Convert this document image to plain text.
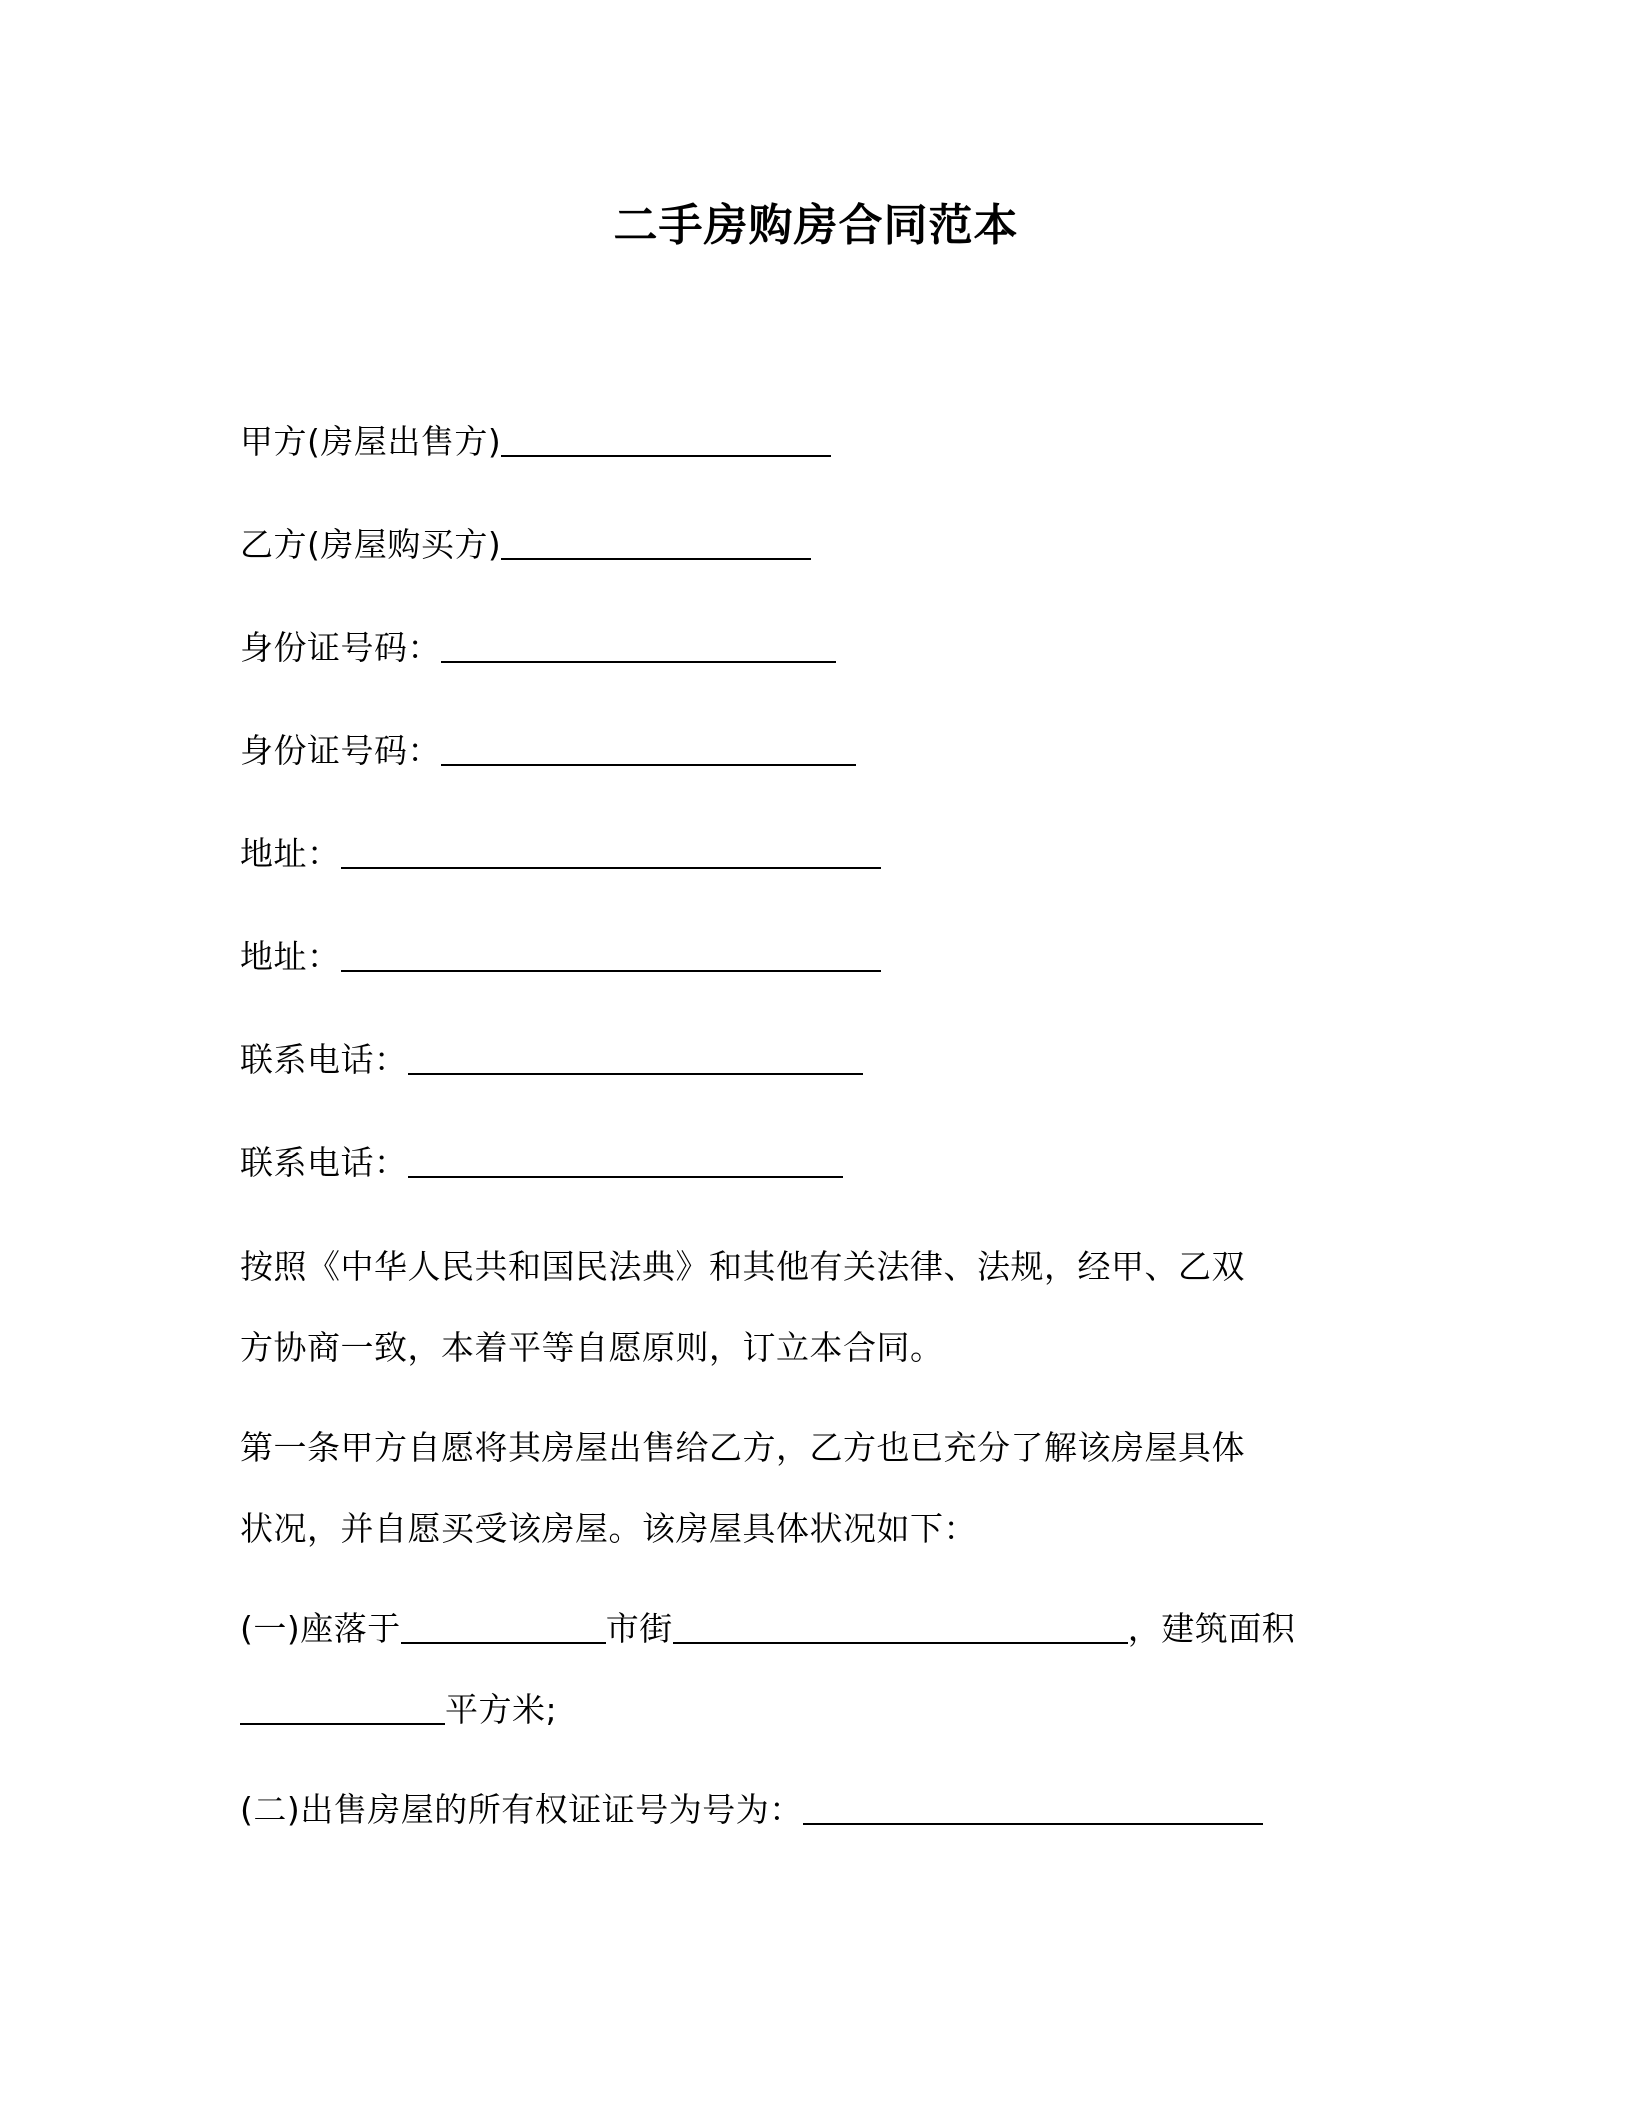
二手房购房合同范本
甲方(房屋出售方)
乙方(房屋购买方)
身份证号码：
身份证号码：
地址：
地址：
联系电话：
联系电话：
按照《中华人民共和国民法典》和其他有关法律、法规，经甲、乙双
方协商一致，本着平等自愿原则，订立本合同。
第一条甲方自愿将其房屋出售给乙方，乙方也已充分了解该房屋具体
状况，并自愿买受该房屋。该房屋具体状况如下：
(一)座落于	市街	，建筑面积
平方米;
(二)出售房屋的所有权证证号为号为：
